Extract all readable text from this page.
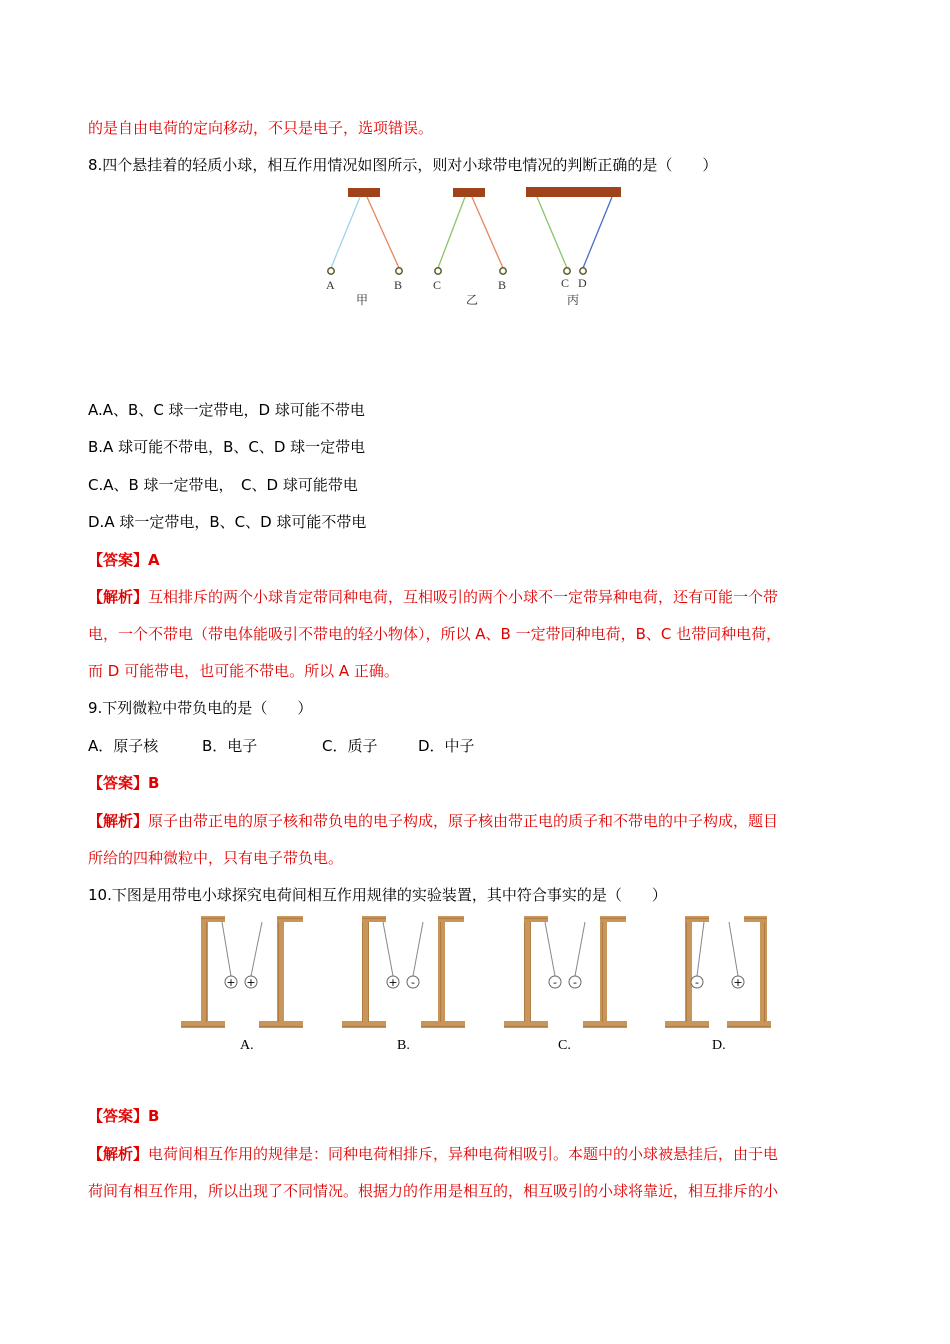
的是自由电荷的定向移动，不只是电子，选项错误。
8.四个悬挂着的轻质小球，相互作用情况如图所示，则对小球带电情况的判断正确的是（　　）
A	B
甲
C	B
乙
C D
丙
A.A、B、C 球一定带电，D 球可能不带电
B.A 球可能不带电，B、C、D 球一定带电
C.A、B 球一定带电，　C、D 球可能带电
D.A 球一定带电，B、C、D 球可能不带电
【答案】A
【解析】互相排斥的两个小球肯定带同种电荷，互相吸引的两个小球不一定带异种电荷，还有可能一个带
电，一个不带电（带电体能吸引不带电的轻小物体），所以 A、B 一定带同种电荷，B、C 也带同种电荷，
而 D 可能带电，也可能不带电。所以 A 正确。
9.下列微粒中带负电的是（　　）
A．原子核	B．电子	C．质子	D．中子
【答案】B
【解析】原子由带正电的原子核和带负电的电子构成，原子核由带正电的质子和不带电的中子构成，题目
所给的四种微粒中，只有电子带负电。
10.下图是用带电小球探究电荷间相互作用规律的实验装置，其中符合事实的是（　　）
+ +
A.
+ -
B.
- -
C.
-	+
D.
【答案】B
【解析】电荷间相互作用的规律是：同种电荷相排斥，异种电荷相吸引。本题中的小球被悬挂后，由于电
荷间有相互作用，所以出现了不同情况。根据力的作用是相互的，相互吸引的小球将靠近，相互排斥的小
